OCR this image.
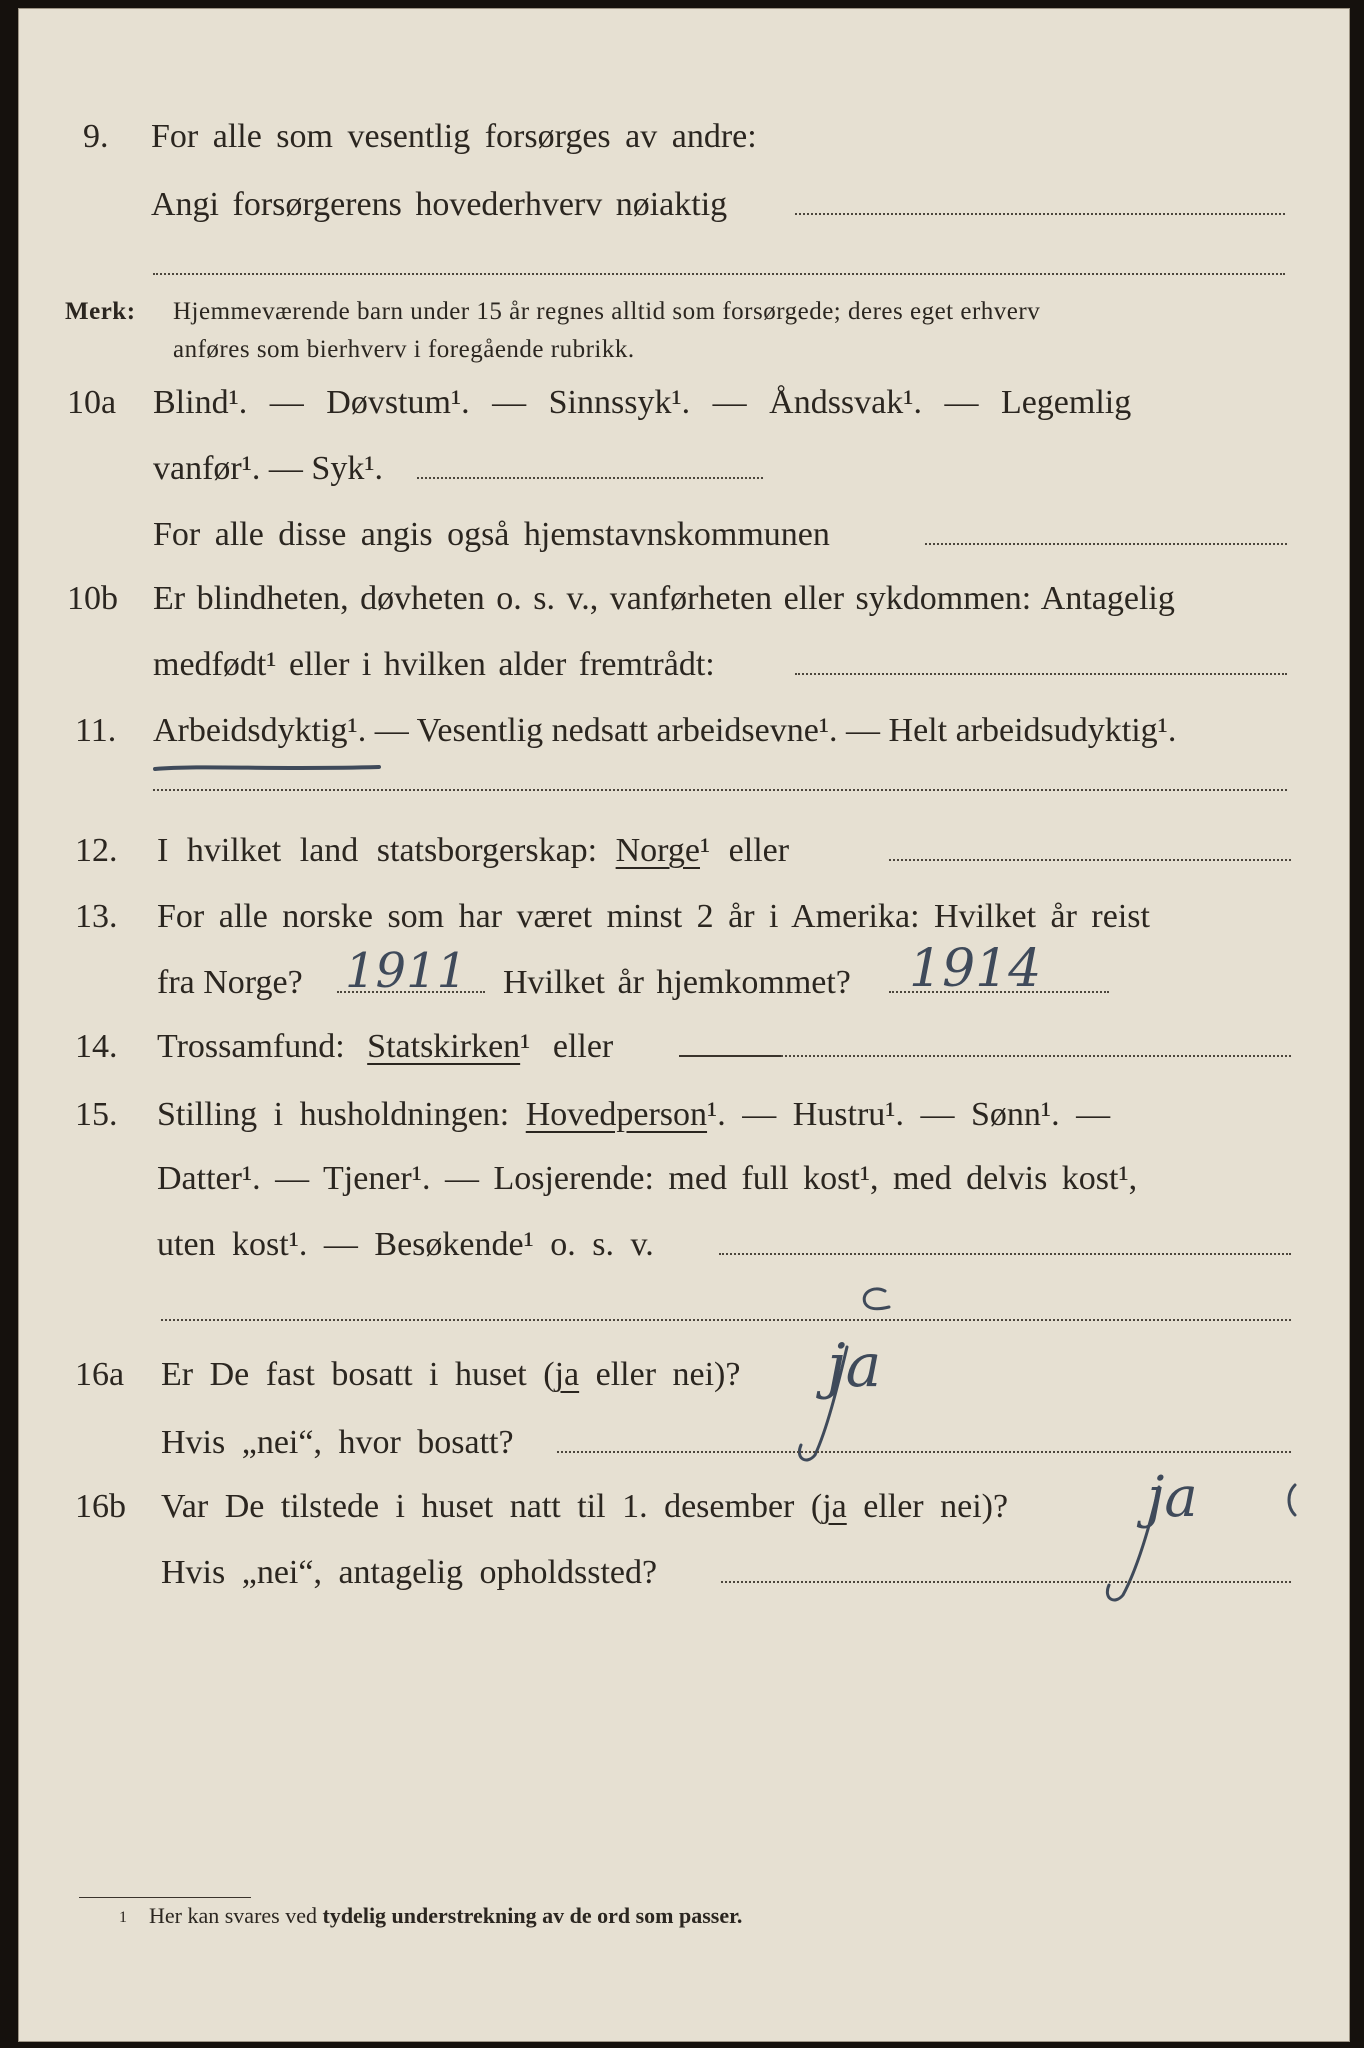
9. For alle som vesentlig forsørges av andre:
Angi forsørgerens hovederhverv nøiaktig
Merk: Hjemmeværende barn under 15 år regnes alltid som forsørgede; deres eget erhverv
anføres som bierhverv i foregående rubrikk.
10a Blind¹. — Døvstum¹. — Sinnssyk¹. — Åndssvak¹. — Legemlig
vanfør¹. — Syk¹.
For alle disse angis også hjemstavnskommunen
10b Er blindheten, døvheten o. s. v., vanførheten eller sykdommen: Antagelig
medfødt¹ eller i hvilken alder fremtrådt:
11. Arbeidsdyktig¹. — Vesentlig nedsatt arbeidsevne¹. — Helt arbeidsudyktig¹.
12. I hvilket land statsborgerskap: Norge¹ eller
13. For alle norske som har været minst 2 år i Amerika: Hvilket år reist
fra Norge? 1911 Hvilket år hjemkommet? 1914
14. Trossamfund: Statskirken¹ eller
15. Stilling i husholdningen: Hovedperson¹. — Hustru¹. — Sønn¹. —
Datter¹. — Tjener¹. — Losjerende: med full kost¹, med delvis kost¹,
uten kost¹. — Besøkende¹ o. s. v.
16a Er De fast bosatt i huset (ja eller nei)? ja
Hvis „nei“, hvor bosatt?
16b Var De tilstede i huset natt til 1. desember (ja eller nei)? ja
Hvis „nei“, antagelig opholdssted?
1 Her kan svares ved tydelig understrekning av de ord som passer.
